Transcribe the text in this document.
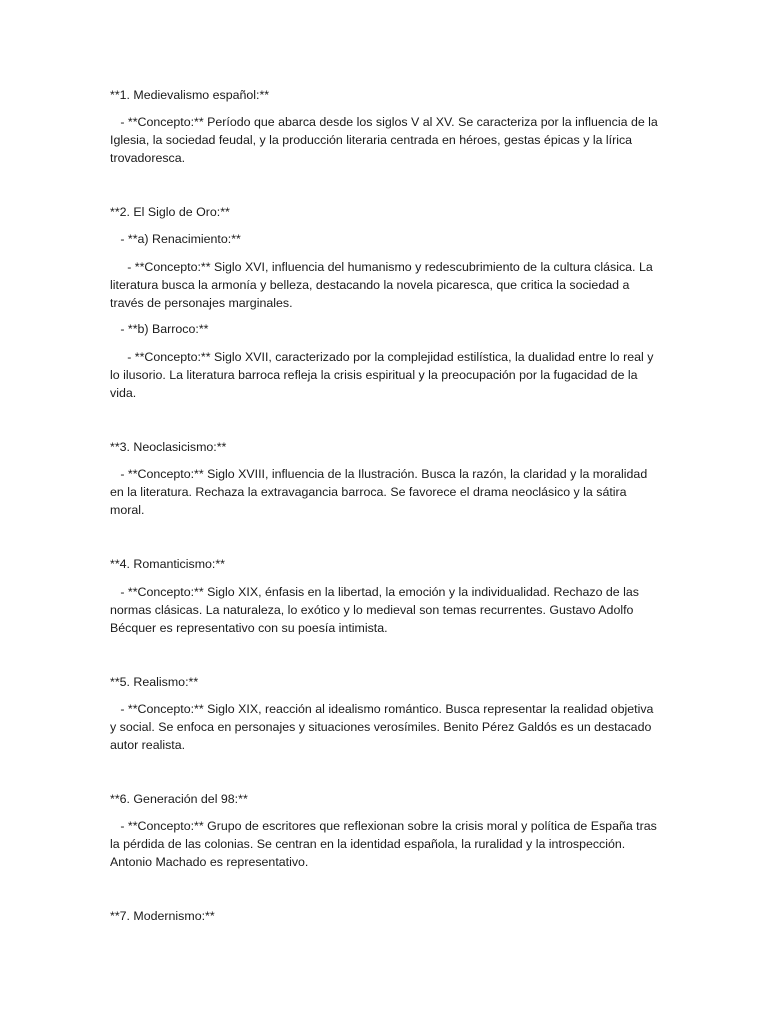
**1. Medievalismo español:**

- **Concepto:** Período que abarca desde los siglos V al XV. Se caracteriza por la influencia de la Iglesia, la sociedad feudal, y la producción literaria centrada en héroes, gestas épicas y la lírica trovadoresca.

**2. El Siglo de Oro:**

- **a) Renacimiento:**

- **Concepto:** Siglo XVI, influencia del humanismo y redescubrimiento de la cultura clásica. La literatura busca la armonía y belleza, destacando la novela picaresca, que critica la sociedad a través de personajes marginales.

- **b) Barroco:**

- **Concepto:** Siglo XVII, caracterizado por la complejidad estilística, la dualidad entre lo real y lo ilusorio. La literatura barroca refleja la crisis espiritual y la preocupación por la fugacidad de la vida.

**3. Neoclasicismo:**

- **Concepto:** Siglo XVIII, influencia de la Ilustración. Busca la razón, la claridad y la moralidad en la literatura. Rechaza la extravagancia barroca. Se favorece el drama neoclásico y la sátira moral.

**4. Romanticismo:**

- **Concepto:** Siglo XIX, énfasis en la libertad, la emoción y la individualidad. Rechazo de las normas clásicas. La naturaleza, lo exótico y lo medieval son temas recurrentes. Gustavo Adolfo Bécquer es representativo con su poesía intimista.

**5. Realismo:**

- **Concepto:** Siglo XIX, reacción al idealismo romántico. Busca representar la realidad objetiva y social. Se enfoca en personajes y situaciones verosímiles. Benito Pérez Galdós es un destacado autor realista.

**6. Generación del 98:**

- **Concepto:** Grupo de escritores que reflexionan sobre la crisis moral y política de España tras la pérdida de las colonias. Se centran en la identidad española, la ruralidad y la introspección. Antonio Machado es representativo.

**7. Modernismo:**
